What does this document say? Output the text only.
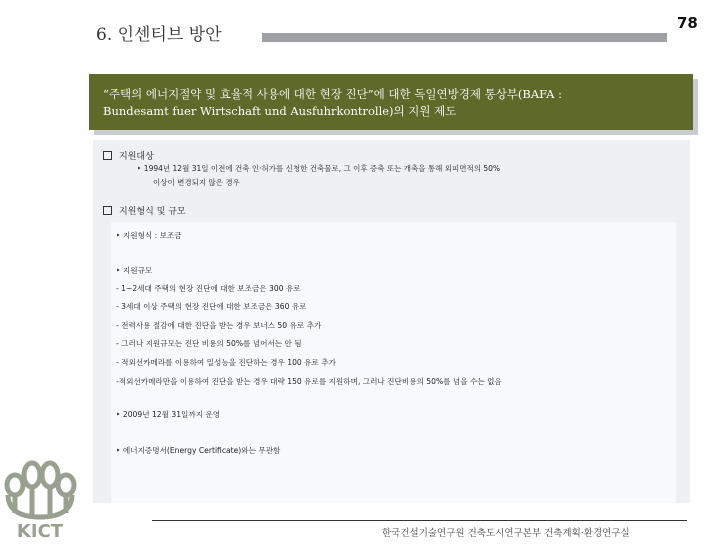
6. 인센티브 방안
78
“주택의 에너지절약 및 효율적 사용에 대한 현장 진단”에 대한 독일연방경제 통상부(BAFA :
Bundesamt fuer Wirtschaft und Ausfuhrkontrolle)의 지원 제도
지원대상
‣ 1994년 12월 31일 이전에 건축 인·허가를 신청한 건축물로, 그 이후 증축 또는 개축을 통해 외피면적의 50%
이상이 변경되지 않은 경우
지원형식 및 규모
‣ 지원형식 : 보조금
‣ 지원규모
- 1~2세대 주택의 현장 진단에 대한 보조금은 300 유로
- 3세대 이상 주택의 현장 진단에 대한 보조금은 360 유로
- 전력사용 절감에 대한 진단을 받는 경우 보너스 50 유로 추가
- 그러나 지원규모는 진단 비용의 50%를 넘어서는 안 됨
- 적외선카메라를 이용하여 밀성능을 진단하는 경우 100 유로 추가
-적외선카메라만을 이용하여 진단을 받는 경우 대략 150 유로를 지원하며, 그러나 진단비용의 50%를 넘을 수는 없음
‣ 2009년 12월 31일까지 운영
‣ 에너지증명서(Energy Certificate)와는 무관함
KICT	한국건설기술연구원 건축도시연구본부 건축계획·환경연구실
